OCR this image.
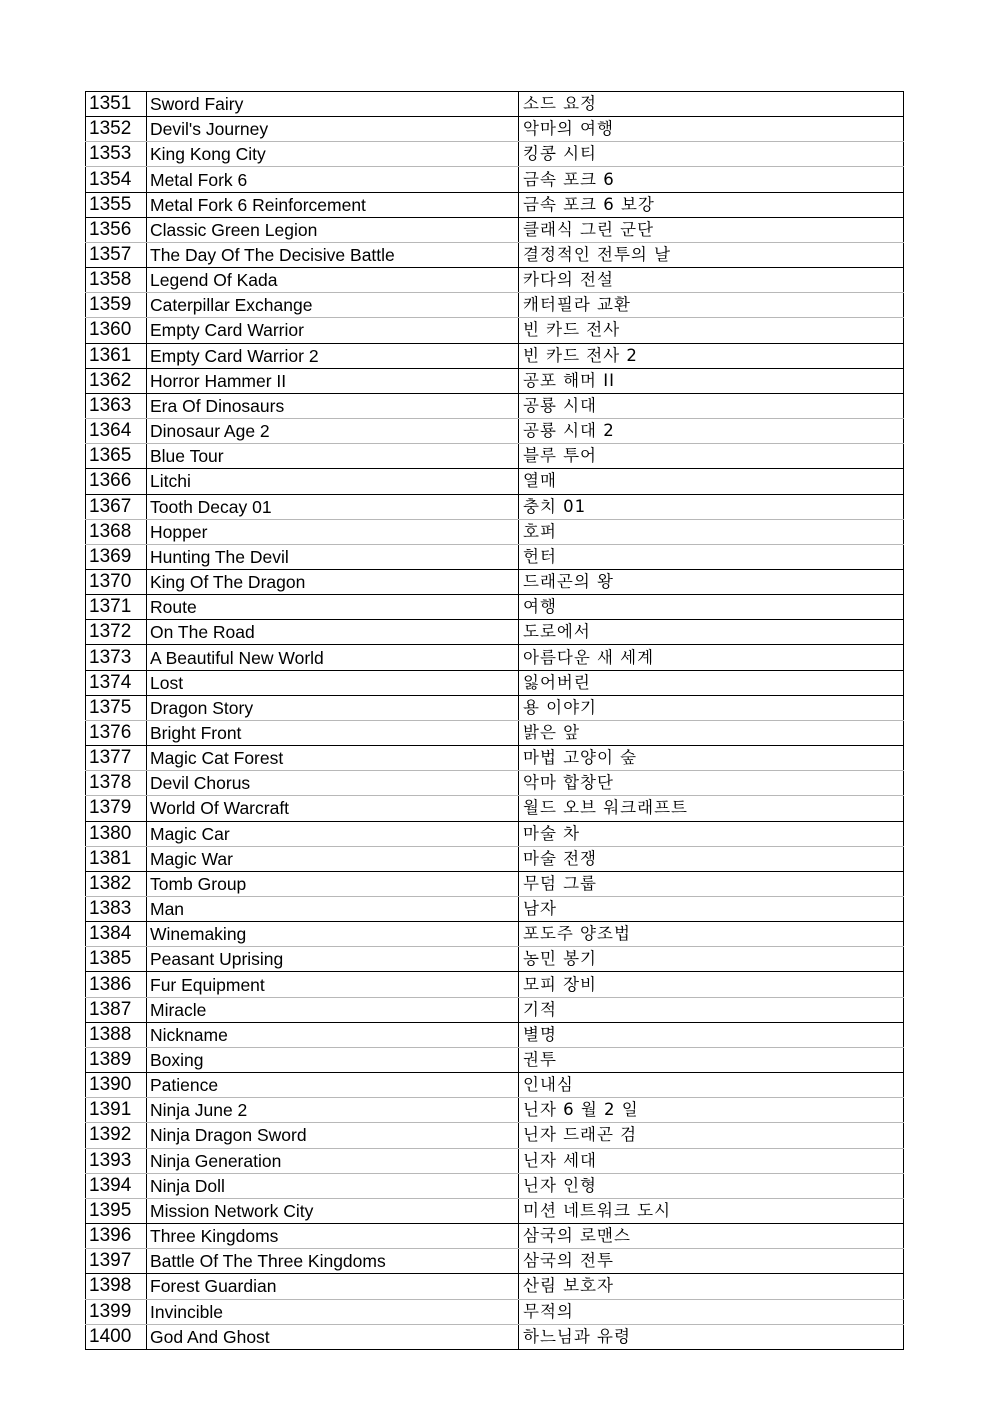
1351	Sword Fairy	소드 요정
1352	Devil's Journey	악마의 여행
1353	King Kong City	킹콩 시티
1354	Metal Fork 6	금속 포크 6
1355	Metal Fork 6 Reinforcement	금속 포크 6 보강
1356	Classic Green Legion	클래식 그린 군단
1357	The Day Of The Decisive Battle	결정적인 전투의 날
1358	Legend Of Kada	카다의 전설
1359	Caterpillar Exchange	캐터필라 교환
1360	Empty Card Warrior	빈 카드 전사
1361	Empty Card Warrior 2	빈 카드 전사 2
1362	Horror Hammer II	공포 해머 II
1363	Era Of Dinosaurs	공룡 시대
1364	Dinosaur Age 2	공룡 시대 2
1365	Blue Tour	블루 투어
1366	Litchi	열매
1367	Tooth Decay 01	충치 01
1368	Hopper	호퍼
1369	Hunting The Devil	헌터
1370	King Of The Dragon	드래곤의 왕
1371	Route	여행
1372	On The Road	도로에서
1373	A Beautiful New World	아름다운 새 세계
1374	Lost	잃어버린
1375	Dragon Story	용 이야기
1376	Bright Front	밝은 앞
1377	Magic Cat Forest	마법 고양이 숲
1378	Devil Chorus	악마 합창단
1379	World Of Warcraft	월드 오브 워크래프트
1380	Magic Car	마술 차
1381	Magic War	마술 전쟁
1382	Tomb Group	무덤 그룹
1383	Man	남자
1384	Winemaking	포도주 양조법
1385	Peasant Uprising	농민 봉기
1386	Fur Equipment	모피 장비
1387	Miracle	기적
1388	Nickname	별명
1389	Boxing	권투
1390	Patience	인내심
1391	Ninja June 2	닌자 6 월 2 일
1392	Ninja Dragon Sword	닌자 드래곤 검
1393	Ninja Generation	닌자 세대
1394	Ninja Doll	닌자 인형
1395	Mission Network City	미션 네트워크 도시
1396	Three Kingdoms	삼국의 로맨스
1397	Battle Of The Three Kingdoms	삼국의 전투
1398	Forest Guardian	산림 보호자
1399	Invincible	무적의
1400	God And Ghost	하느님과 유령
